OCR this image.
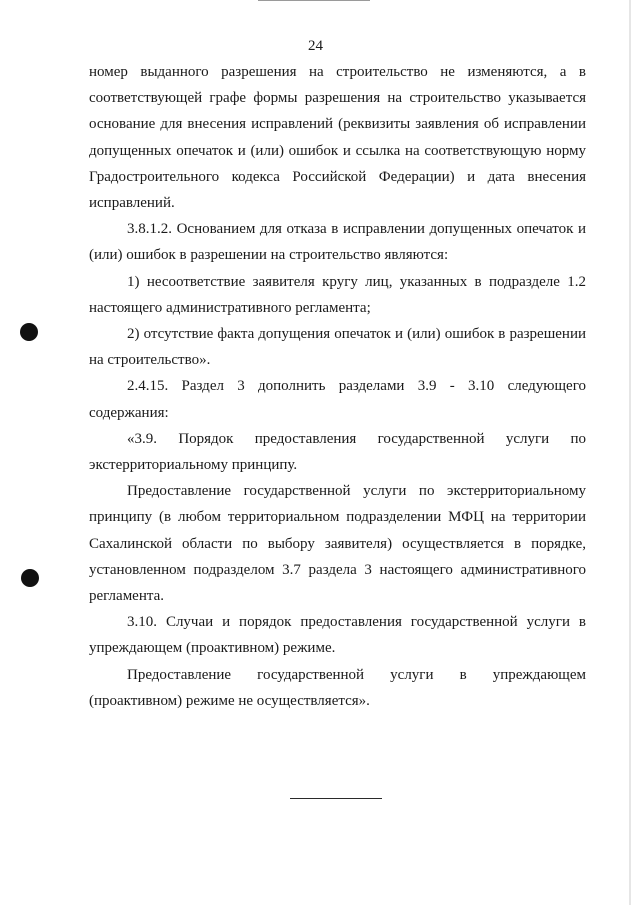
24

номер выданного разрешения на строительство не изменяются, а в соответствующей графе формы разрешения на строительство указывается основание для внесения исправлений (реквизиты заявления об исправлении допущенных опечаток и (или) ошибок и ссылка на соответствующую норму Градостроительного кодекса Российской Федерации) и дата внесения исправлений.

3.8.1.2. Основанием для отказа в исправлении допущенных опечаток и (или) ошибок в разрешении на строительство являются:

1) несоответствие заявителя кругу лиц, указанных в подразделе 1.2 настоящего административного регламента;

2) отсутствие факта допущения опечаток и (или) ошибок в разрешении на строительство».

2.4.15. Раздел 3 дополнить разделами 3.9 - 3.10 следующего содержания:

«3.9. Порядок предоставления государственной услуги по экстерриториальному принципу.

Предоставление государственной услуги по экстерриториальному принципу (в любом территориальном подразделении МФЦ на территории Сахалинской области по выбору заявителя) осуществляется в порядке, установленном подразделом 3.7 раздела 3 настоящего административного регламента.

3.10. Случаи и порядок предоставления государственной услуги в упреждающем (проактивном) режиме.

Предоставление государственной услуги в упреждающем (проактивном) режиме не осуществляется».
